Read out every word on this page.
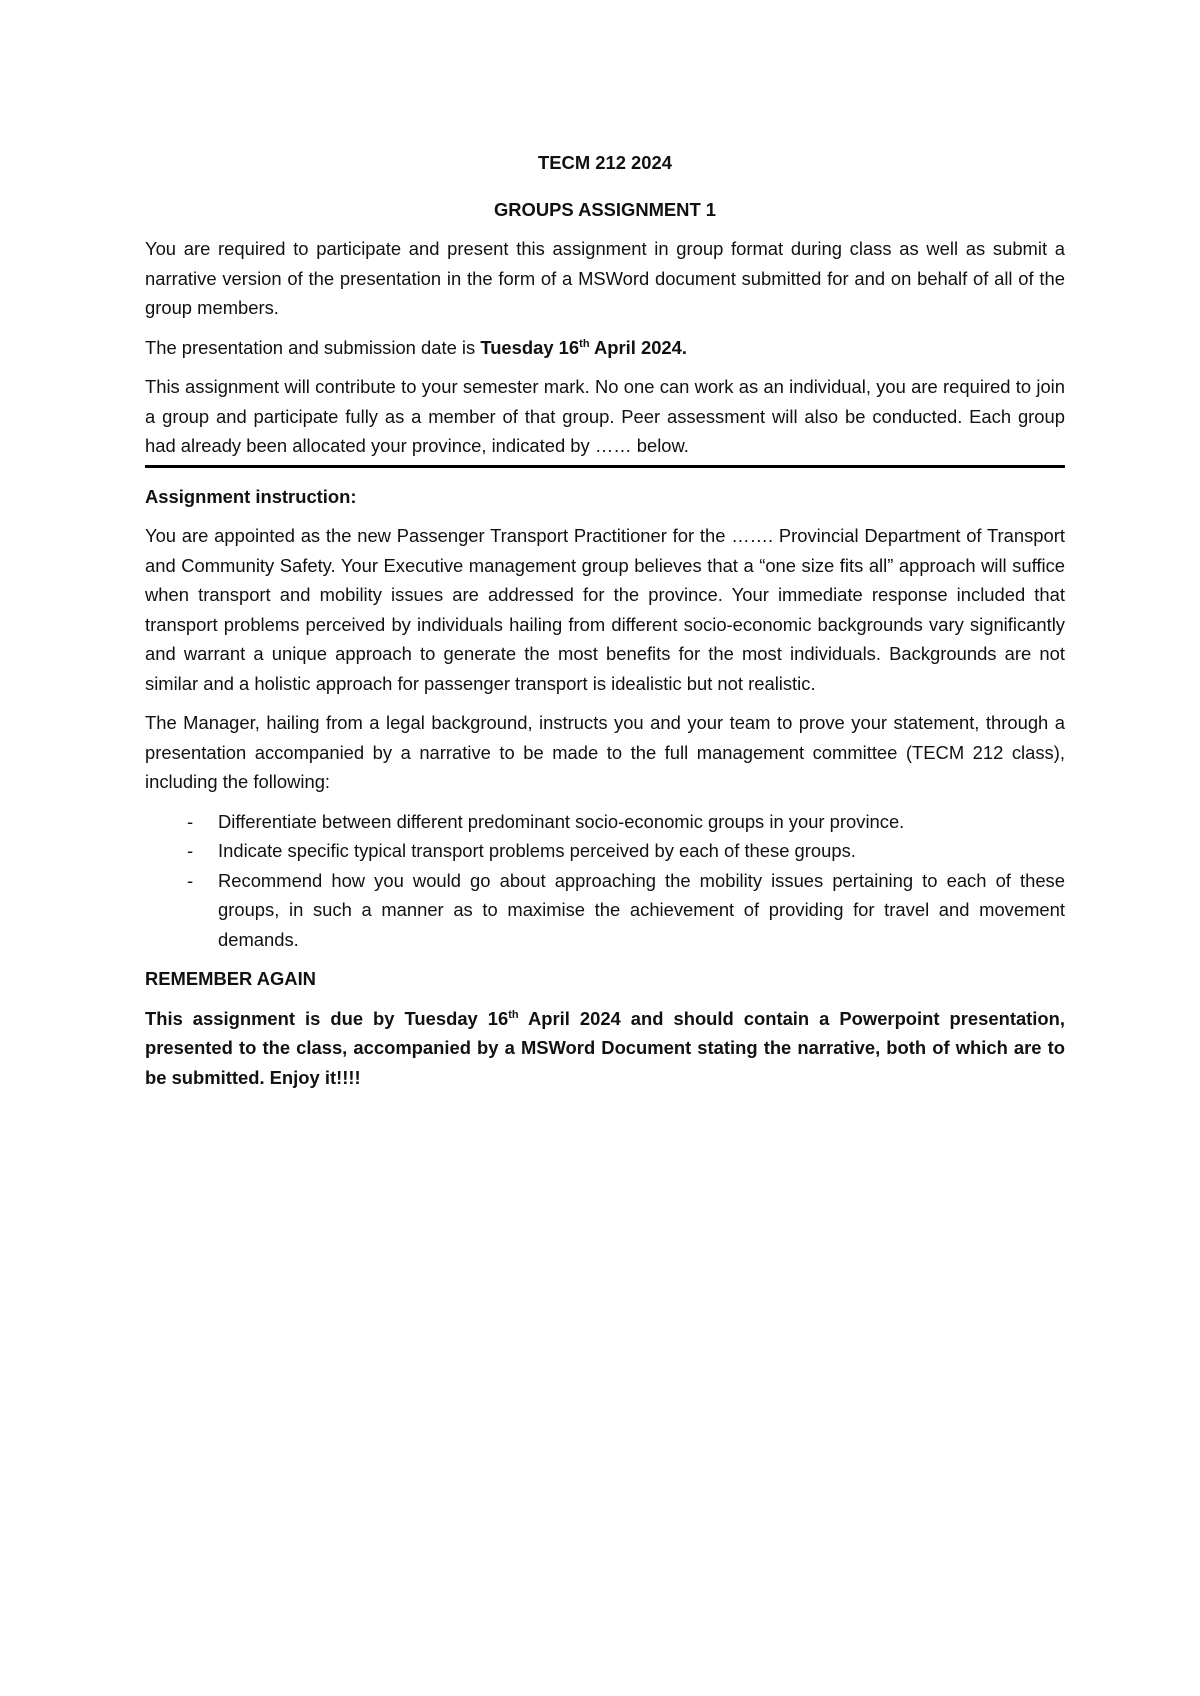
TECM 212 2024
GROUPS ASSIGNMENT 1

You are required to participate and present this assignment in group format during class as well as submit a narrative version of the presentation in the form of a MSWord document submitted for and on behalf of all of the group members.

The presentation and submission date is Tuesday 16th April 2024.

This assignment will contribute to your semester mark. No one can work as an individual, you are required to join a group and participate fully as a member of that group. Peer assessment will also be conducted. Each group had already been allocated your province, indicated by …… below.

Assignment instruction:

You are appointed as the new Passenger Transport Practitioner for the ……. Provincial Department of Transport and Community Safety. Your Executive management group believes that a “one size fits all” approach will suffice when transport and mobility issues are addressed for the province. Your immediate response included that transport problems perceived by individuals hailing from different socio-economic backgrounds vary significantly and warrant a unique approach to generate the most benefits for the most individuals. Backgrounds are not similar and a holistic approach for passenger transport is idealistic but not realistic.

The Manager, hailing from a legal background, instructs you and your team to prove your statement, through a presentation accompanied by a narrative to be made to the full management committee (TECM 212 class), including the following:

- Differentiate between different predominant socio-economic groups in your province.
- Indicate specific typical transport problems perceived by each of these groups.
- Recommend how you would go about approaching the mobility issues pertaining to each of these groups, in such a manner as to maximise the achievement of providing for travel and movement demands.

REMEMBER AGAIN

This assignment is due by Tuesday 16th April 2024 and should contain a Powerpoint presentation, presented to the class, accompanied by a MSWord Document stating the narrative, both of which are to be submitted. Enjoy it!!!!
